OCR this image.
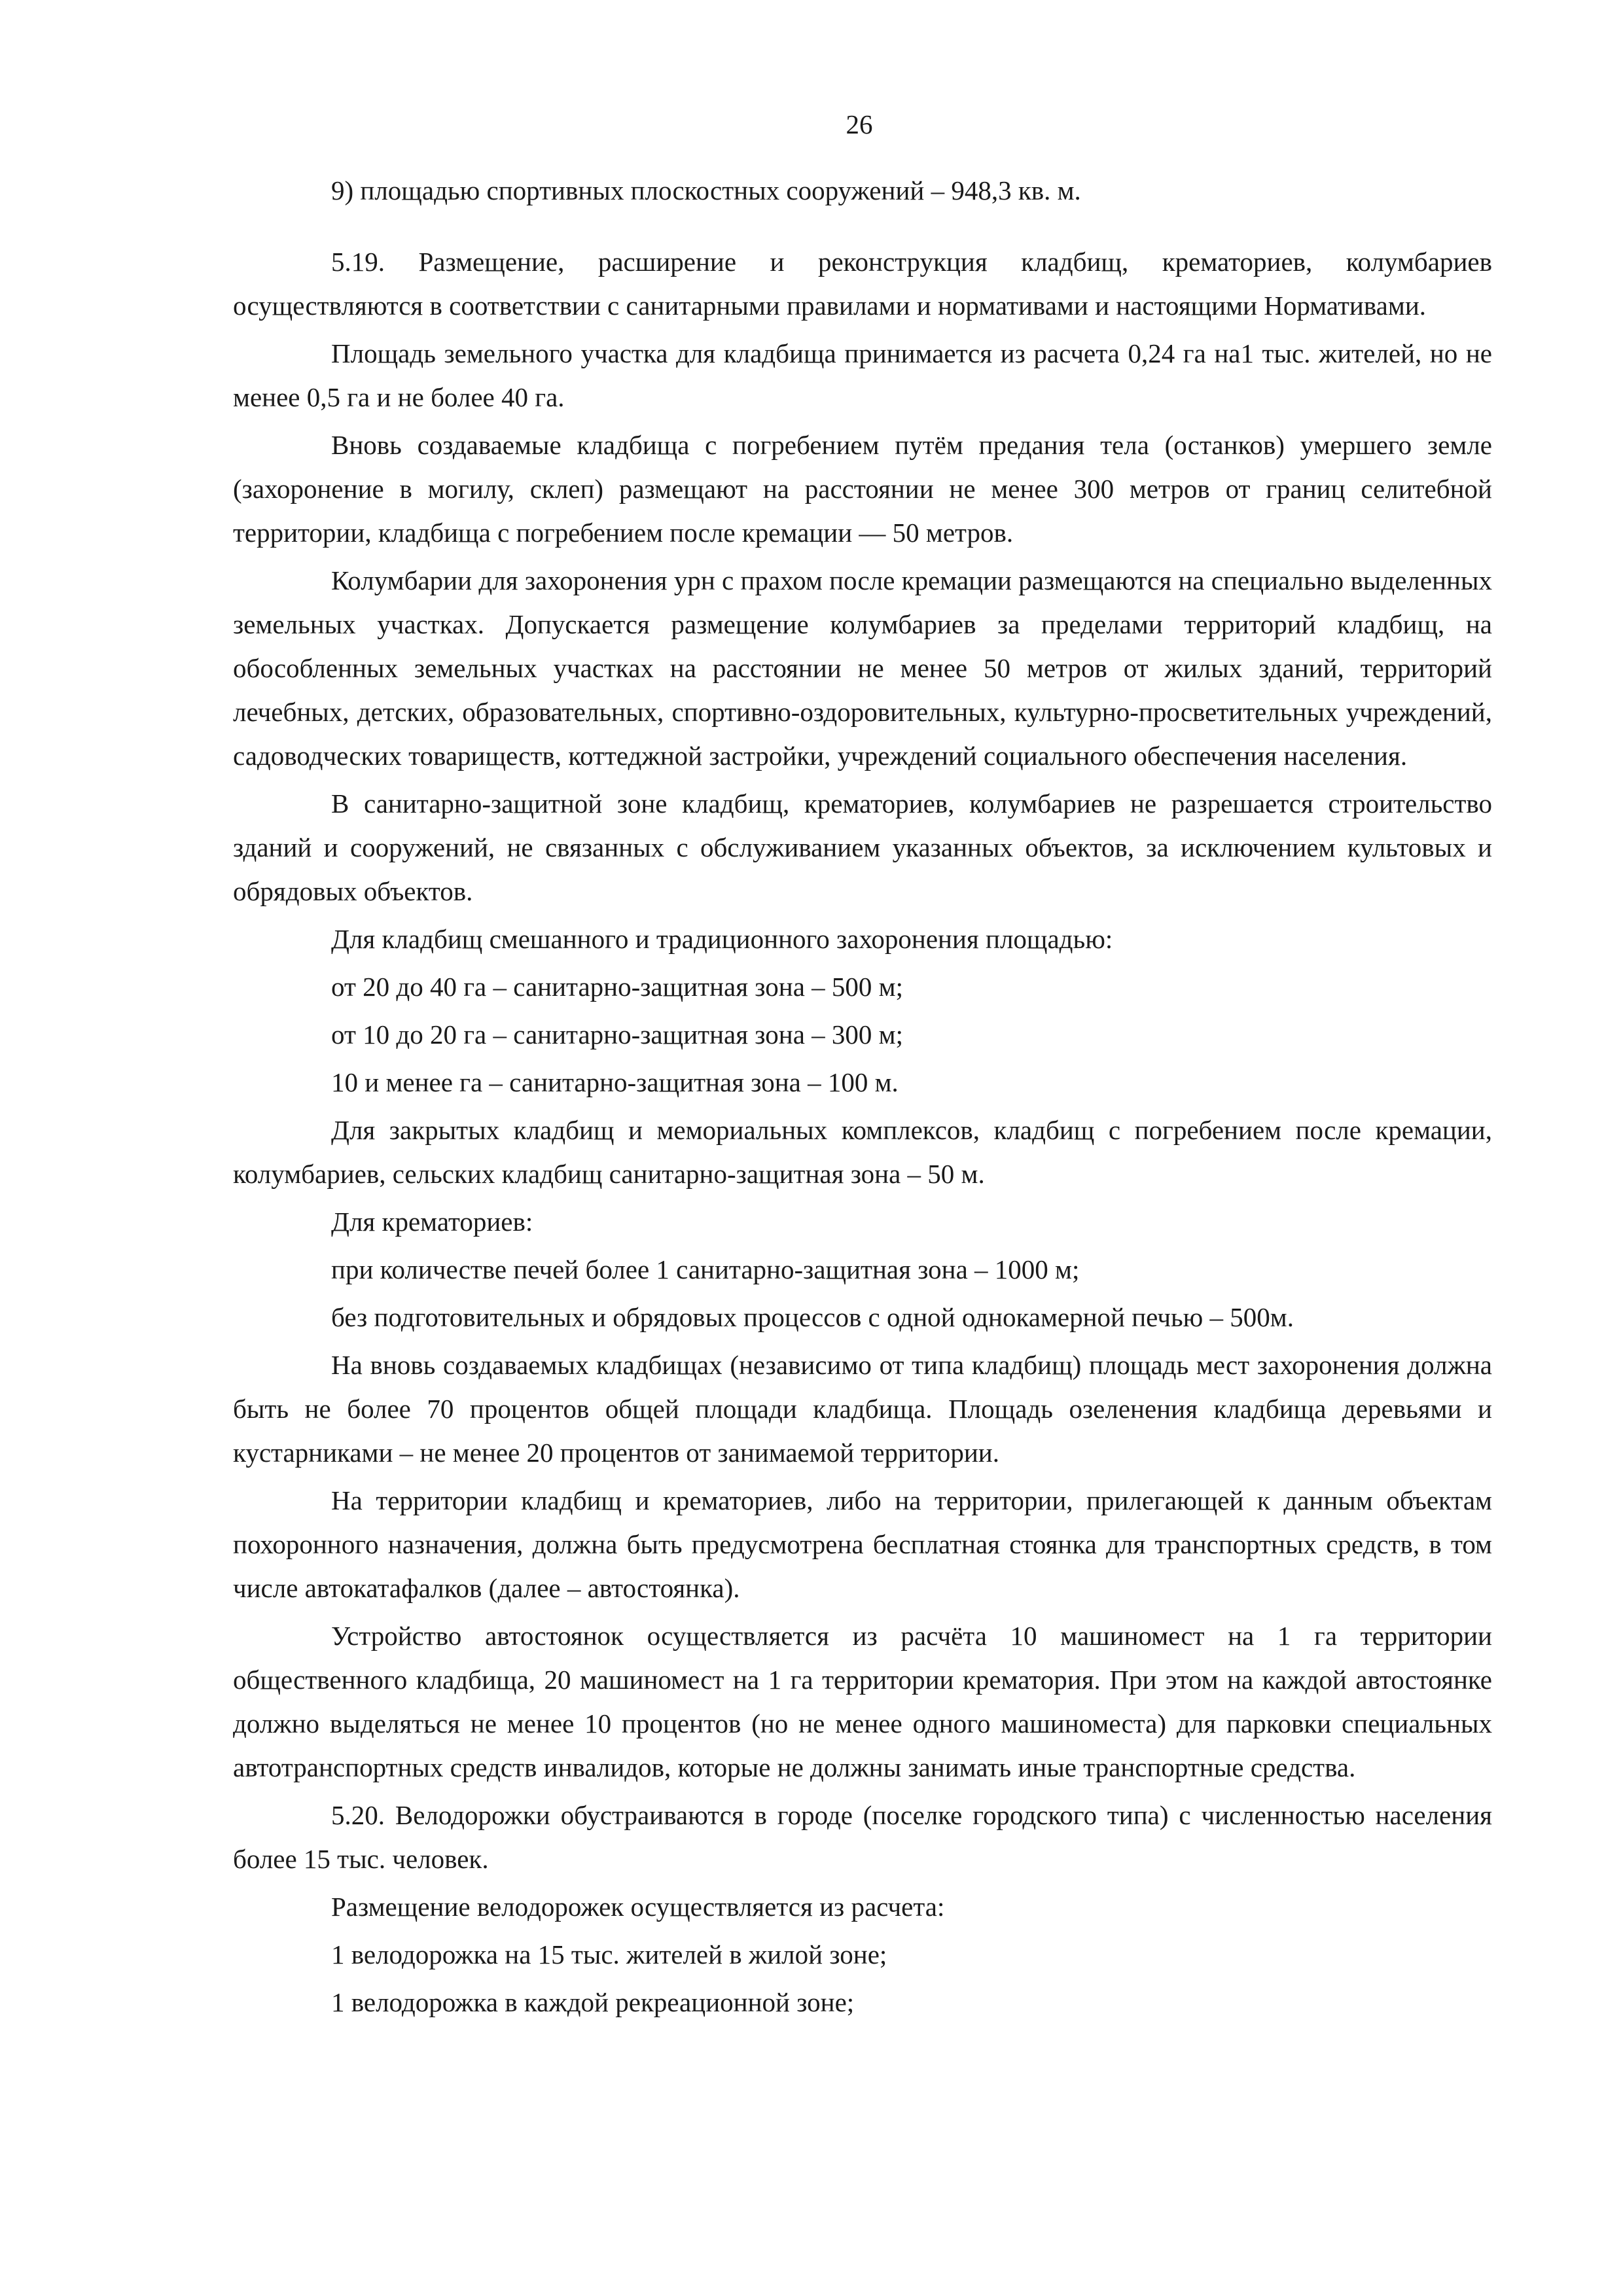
26

9) площадью спортивных плоскостных сооружений – 948,3 кв. м.

5.19. Размещение, расширение и реконструкция кладбищ, крематориев, колумбариев осуществляются в соответствии с санитарными правилами и нормативами и настоящими Нормативами.

Площадь земельного участка для кладбища принимается из расчета 0,24 га на1 тыс. жителей, но не менее 0,5 га и не более 40 га.

Вновь создаваемые кладбища с погребением путём предания тела (останков) умершего земле (захоронение в могилу, склеп) размещают на расстоянии не менее 300 метров от границ селитебной территории, кладбища с погребением после кремации — 50 метров.

Колумбарии для захоронения урн с прахом после кремации размещаются на специально выделенных земельных участках. Допускается размещение колумбариев за пределами территорий кладбищ, на обособленных земельных участках на расстоянии не менее 50 метров от жилых зданий, территорий лечебных, детских, образовательных, спортивно-оздоровительных, культурно-просветительных учреждений, садоводческих товариществ, коттеджной застройки, учреждений социального обеспечения населения.

В санитарно-защитной зоне кладбищ, крематориев, колумбариев не разрешается строительство зданий и сооружений, не связанных с обслуживанием указанных объектов, за исключением культовых и обрядовых объектов.

Для кладбищ смешанного и традиционного захоронения площадью:

от 20 до 40 га – санитарно-защитная зона – 500 м;

от 10 до 20 га – санитарно-защитная зона – 300 м;

10 и менее га – санитарно-защитная зона – 100 м.

Для закрытых кладбищ и мемориальных комплексов, кладбищ с погребением после кремации, колумбариев, сельских кладбищ санитарно-защитная зона – 50 м.

Для крематориев:

при количестве печей более 1 санитарно-защитная зона – 1000 м;

без подготовительных и обрядовых процессов с одной однокамерной печью – 500м.

На вновь создаваемых кладбищах (независимо от типа кладбищ) площадь мест захоронения должна быть не более 70 процентов общей площади кладбища. Площадь озеленения кладбища деревьями и кустарниками – не менее 20 процентов от занимаемой территории.

На территории кладбищ и крематориев, либо на территории, прилегающей к данным объектам похоронного назначения, должна быть предусмотрена бесплатная стоянка для транспортных средств, в том числе автокатафалков (далее – автостоянка).

Устройство автостоянок осуществляется из расчёта 10 машиномест на 1 га территории общественного кладбища, 20 машиномест на 1 га территории крематория. При этом на каждой автостоянке должно выделяться не менее 10 процентов (но не менее одного машиноместа) для парковки специальных автотранспортных средств инвалидов, которые не должны занимать иные транспортные средства.

5.20. Велодорожки обустраиваются в городе (поселке городского типа) с численностью населения более 15 тыс. человек.

Размещение велодорожек осуществляется из расчета:

1 велодорожка на 15 тыс. жителей в жилой зоне;

1 велодорожка в каждой рекреационной зоне;
